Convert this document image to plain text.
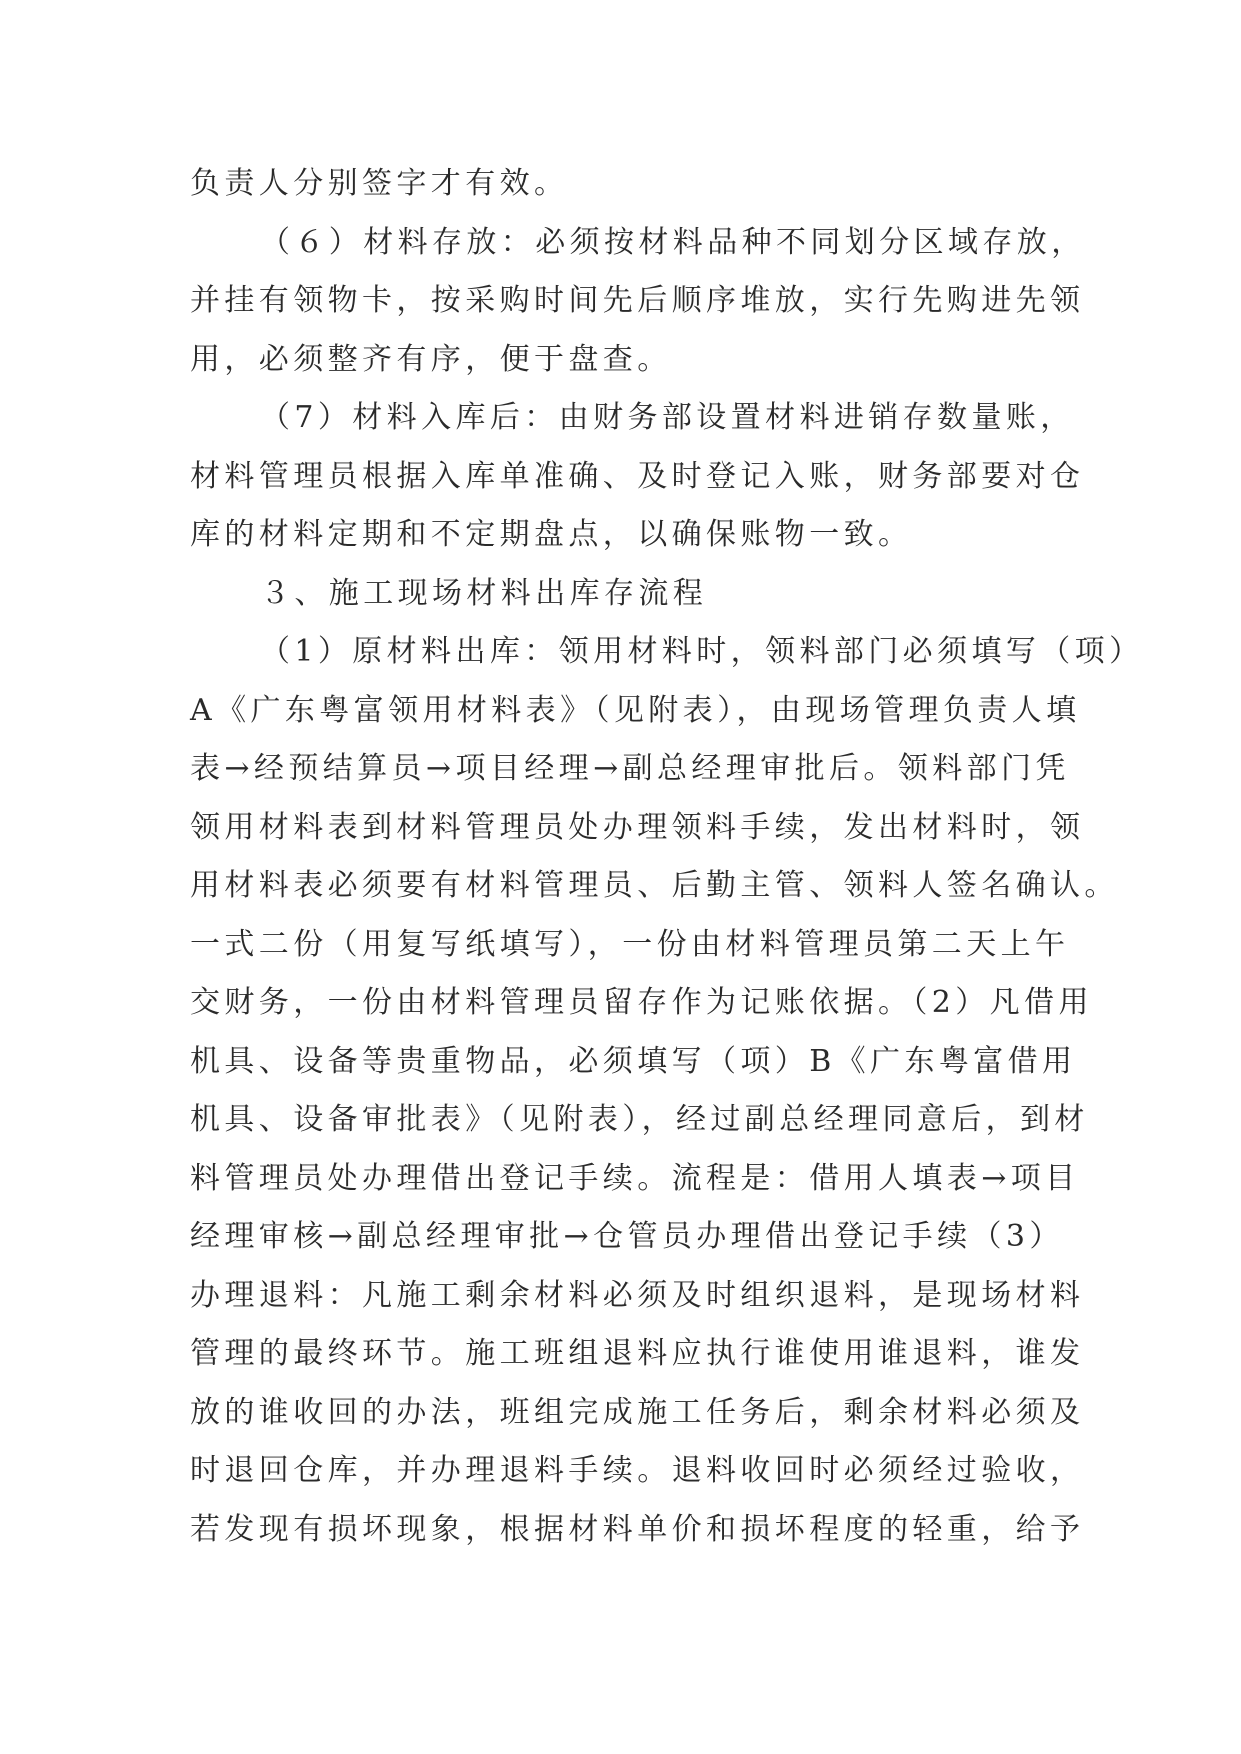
负责人分别签字才有效。
（６）材料存放：必须按材料品种不同划分区域存放，
并挂有领物卡，按采购时间先后顺序堆放，实行先购进先领
用，必须整齐有序，便于盘查。
（7）材料入库后：由财务部设置材料进销存数量账，
材料管理员根据入库单准确、及时登记入账，财务部要对仓
库的材料定期和不定期盘点，以确保账物一致。
３、施工现场材料出库存流程
（1）原材料出库：领用材料时，领料部门必须填写（项）
A《广东粤富领用材料表》（见附表），由现场管理负责人填
表→经预结算员→项目经理→副总经理审批后。领料部门凭
领用材料表到材料管理员处办理领料手续，发出材料时，领
用材料表必须要有材料管理员、后勤主管、领料人签名确认。
一式二份（用复写纸填写），一份由材料管理员第二天上午
交财务，一份由材料管理员留存作为记账依据。（2）凡借用
机具、设备等贵重物品，必须填写（项）B《广东粤富借用
机具、设备审批表》（见附表），经过副总经理同意后，到材
料管理员处办理借出登记手续。流程是：借用人填表→项目
经理审核→副总经理审批→仓管员办理借出登记手续（3）
办理退料：凡施工剩余材料必须及时组织退料，是现场材料
管理的最终环节。施工班组退料应执行谁使用谁退料，谁发
放的谁收回的办法，班组完成施工任务后，剩余材料必须及
时退回仓库，并办理退料手续。退料收回时必须经过验收，
若发现有损坏现象，根据材料单价和损坏程度的轻重，给予
